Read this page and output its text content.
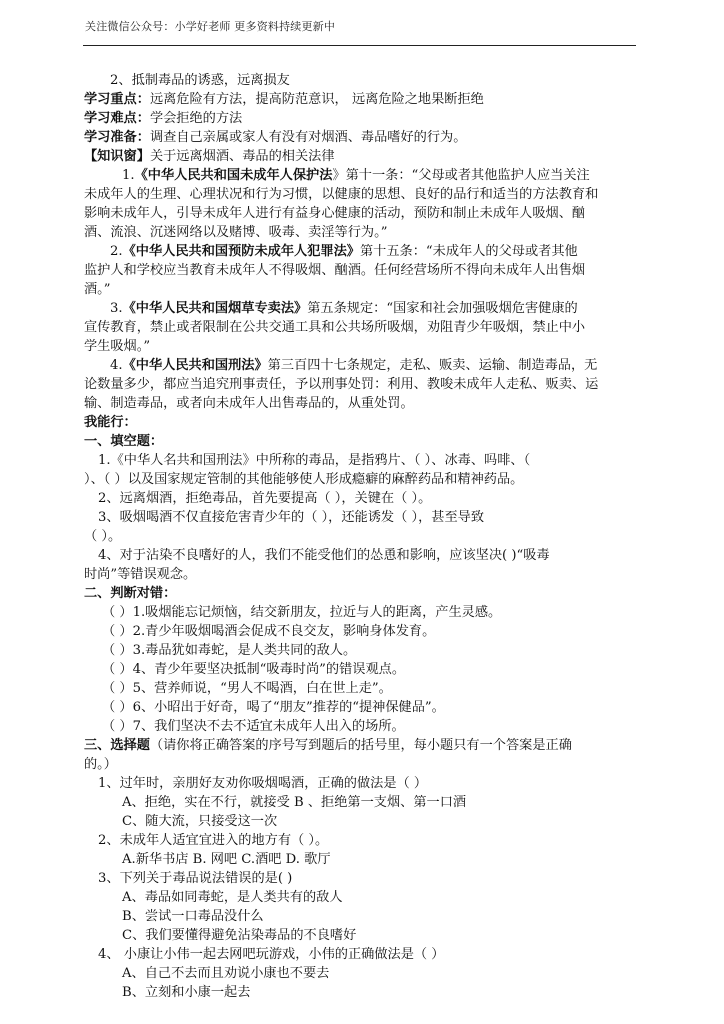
关注微信公众号：小学好老师 更多资料持续更新中
2、抵制毒品的诱惑，远离损友
学习重点：远离危险有方法，提高防范意识， 远离危险之地果断拒绝
学习难点：学会拒绝的方法
学习准备：调查自己亲属或家人有没有对烟酒、毒品嗜好的行为。
【知识窗】关于远离烟酒、毒品的相关法律
1.《中华人民共和国未成年人保护法》第十一条：“父母或者其他监护人应当关注
未成年人的生理、心理状况和行为习惯，以健康的思想、良好的品行和适当的方法教育和
影响未成年人，引导未成年人进行有益身心健康的活动，预防和制止未成年人吸烟、酗
酒、流浪、沉迷网络以及赌博、吸毒、卖淫等行为。”
2.《中华人民共和国预防未成年人犯罪法》第十五条：“未成年人的父母或者其他
监护人和学校应当教育未成年人不得吸烟、酗酒。任何经营场所不得向未成年人出售烟
酒。”
3.《中华人民共和国烟草专卖法》第五条规定：“国家和社会加强吸烟危害健康的
宣传教育，禁止或者限制在公共交通工具和公共场所吸烟，劝阻青少年吸烟，禁止中小
学生吸烟。”
4.《中华人民共和国刑法》第三百四十七条规定，走私、贩卖、运输、制造毒品，无
论数量多少，都应当追究刑事责任，予以刑事处罚：利用、教唆未成年人走私、贩卖、运
输、制造毒品，或者向未成年人出售毒品的，从重处罚。
我能行：
一、填空题：
1.《中华人名共和国刑法》中所称的毒品，是指鸦片、（ ）、冰毒、吗啡、（
）、（ ）以及国家规定管制的其他能够使人形成瘾癖的麻醉药品和精神药品。
2、远离烟酒，拒绝毒品，首先要提高（ ），关键在（ ）。
3、吸烟喝酒不仅直接危害青少年的（ ），还能诱发（ ），甚至导致
（ ）。
4、对于沾染不良嗜好的人，我们不能受他们的怂恿和影响，应该坚决( )“吸毒
时尚”等错误观念。
二、判断对错：
（ ）1.吸烟能忘记烦恼，结交新朋友，拉近与人的距离，产生灵感。
（ ）2.青少年吸烟喝酒会促成不良交友，影响身体发育。
（ ）3.毒品犹如毒蛇，是人类共同的敌人。
（ ）4、青少年要坚决抵制“吸毒时尚”的错误观点。
（ ）5、营养师说，“男人不喝酒，白在世上走”。
（ ）6、小昭出于好奇，喝了“朋友”推荐的“提神保健品”。
（ ）7、我们坚决不去不适宜未成年人出入的场所。
三、选择题（请你将正确答案的序号写到题后的括号里，每小题只有一个答案是正确
的。）
1、过年时，亲朋好友劝你吸烟喝酒，正确的做法是（ ）
A、拒绝，实在不行，就接受 B 、拒绝第一支烟、第一口酒
C、随大流，只接受这一次
2、未成年人适宜宜进入的地方有（ ）。
A.新华书店 B. 网吧 C.酒吧 D. 歌厅
3、下列关于毒品说法错误的是( )
A、毒品如同毒蛇，是人类共有的敌人
B、尝试一口毒品没什么
C、我们要懂得避免沾染毒品的不良嗜好
4、 小康让小伟一起去网吧玩游戏，小伟的正确做法是（ ）
A、自己不去而且劝说小康也不要去
B、立刻和小康一起去
